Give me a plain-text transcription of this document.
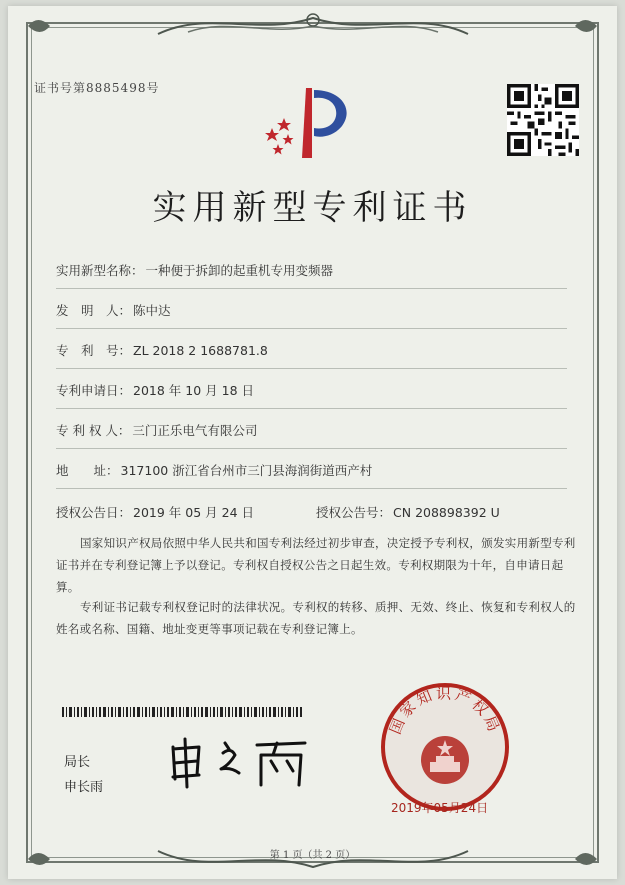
证书号第8885498号
实用新型专利证书
实用新型名称： 一种便于拆卸的起重机专用变频器
发　明　人： 陈中达
专　利　号： ZL 2018 2 1688781.8
专利申请日： 2018 年 10 月 18 日
专 利 权 人： 三门正乐电气有限公司
地　　址： 317100 浙江省台州市三门县海润街道西产村
授权公告日： 2019 年 05 月 24 日	授权公告号： CN 208898392 U
国家知识产权局依照中华人民共和国专利法经过初步审查，决定授予专利权，颁发实用新型专利证书并在专利登记簿上予以登记。专利权自授权公告之日起生效。专利权期限为十年，自申请日起算。
专利证书记载专利权登记时的法律状况。专利权的转移、质押、无效、终止、恢复和专利权人的姓名或名称、国籍、地址变更等事项记载在专利登记簿上。
局长
申长雨
国家知识产权局
2019年05月24日
第 1 页（共 2 页）
